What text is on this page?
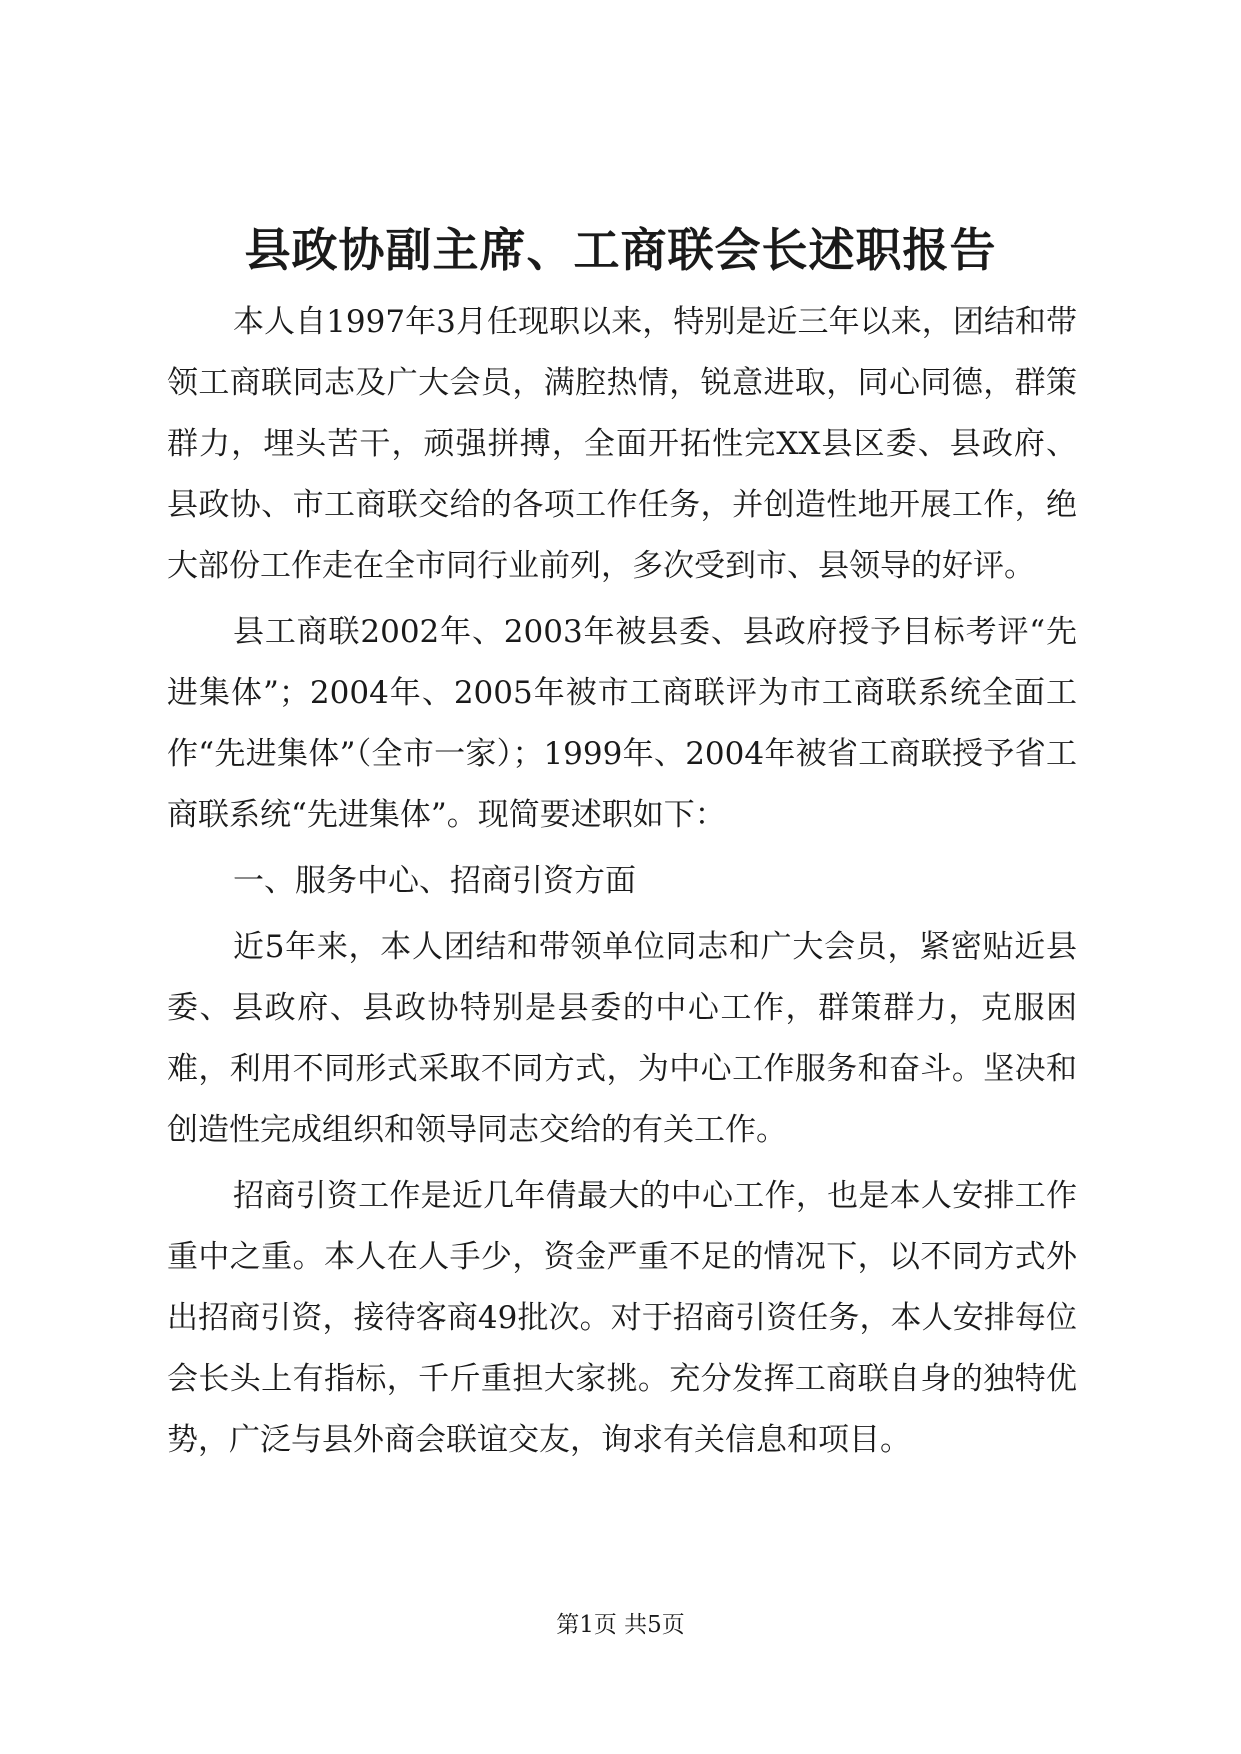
县政协副主席、工商联会长述职报告

本人自1997年3月任现职以来，特别是近三年以来，团结和带领工商联同志及广大会员，满腔热情，锐意进取，同心同德，群策群力，埋头苦干，顽强拼搏，全面开拓性完XX县区委、县政府、县政协、市工商联交给的各项工作任务，并创造性地开展工作，绝大部份工作走在全市同行业前列，多次受到市、县领导的好评。

县工商联2002年、2003年被县委、县政府授予目标考评“先进集体”；2004年、2005年被市工商联评为市工商联系统全面工作“先进集体”（全市一家）；1999年、2004年被省工商联授予省工商联系统“先进集体”。现简要述职如下：

一、服务中心、招商引资方面

近5年来，本人团结和带领单位同志和广大会员，紧密贴近县委、县政府、县政协特别是县委的中心工作，群策群力，克服困难，利用不同形式采取不同方式，为中心工作服务和奋斗。坚决和创造性完成组织和领导同志交给的有关工作。

招商引资工作是近几年倩最大的中心工作，也是本人安排工作重中之重。本人在人手少，资金严重不足的情况下，以不同方式外出招商引资，接待客商49批次。对于招商引资任务，本人安排每位会长头上有指标，千斤重担大家挑。充分发挥工商联自身的独特优势，广泛与县外商会联谊交友，询求有关信息和项目。

第1页 共5页
